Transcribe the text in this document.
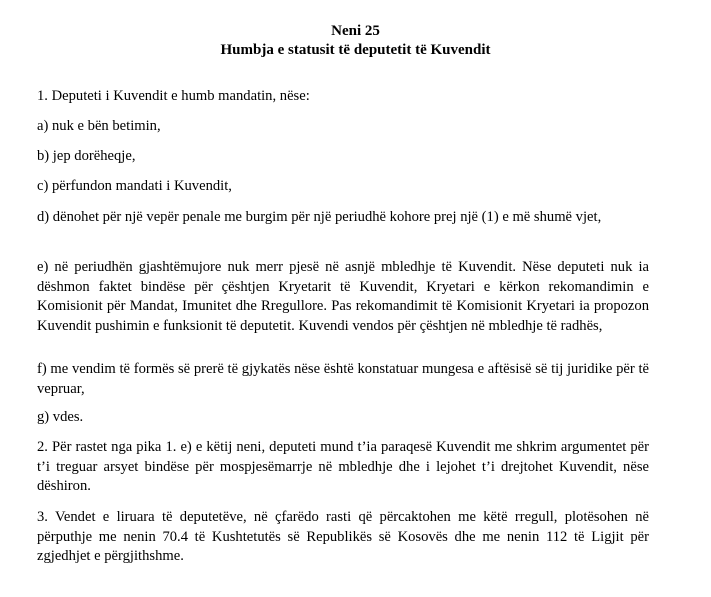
Neni 25
Humbja e statusit të deputetit të Kuvendit

1. Deputeti i Kuvendit e humb mandatin, nëse:

a) nuk e bën betimin,

b) jep dorëheqje,

c) përfundon mandati i Kuvendit,

d) dënohet për një vepër penale me burgim për një periudhë kohore prej një (1) e më shumë vjet,

e) në periudhën gjashtëmujore nuk merr pjesë në asnjë mbledhje të Kuvendit. Nëse deputeti nuk ia dëshmon faktet bindëse për çështjen Kryetarit të Kuvendit, Kryetari e kërkon rekomandimin e Komisionit për Mandat, Imunitet dhe Rregullore. Pas rekomandimit të Komisionit Kryetari ia propozon Kuvendit pushimin e funksionit të deputetit. Kuvendi vendos për çështjen në mbledhje të radhës,

f) me vendim të formës së prerë të gjykatës nëse është konstatuar mungesa e aftësisë së tij juridike për të vepruar,

g) vdes.

2. Për rastet nga pika 1. e) e këtij neni, deputeti mund t’ia paraqesë Kuvendit me shkrim argumentet për t’i treguar arsyet bindëse për mospjesëmarrje në mbledhje dhe i lejohet t’i drejtohet Kuvendit, nëse dëshiron.

3. Vendet e liruara të deputetëve, në çfarëdo rasti që përcaktohen me këtë rregull, plotësohen në përputhje me nenin 70.4 të Kushtetutës së Republikës së Kosovës dhe me nenin 112 të Ligjit për zgjedhjet e përgjithshme.
